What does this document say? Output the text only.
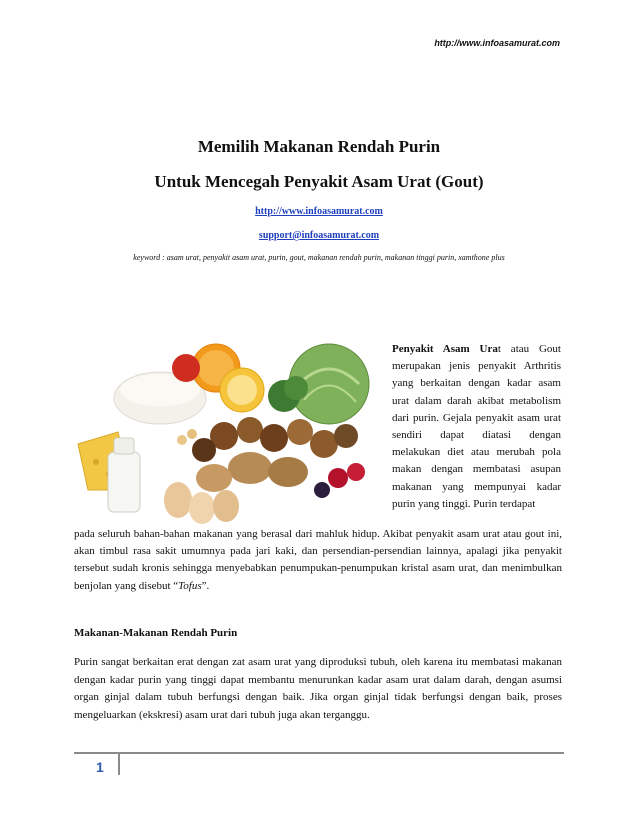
http://www.infoasamurat.com
Memilih Makanan Rendah Purin
Untuk Mencegah Penyakit Asam Urat (Gout)
http://www.infoasamurat.com
support@infoasamurat.com
keyword : asam urat, penyakit asam urat, purin, gout, makanan rendah purin, makanan tinggi purin, xamthone plus
Penyakit Asam Urat atau Gout merupakan jenis penyakit Arthritis yang berkaitan dengan kadar asam urat dalam darah akibat metabolism dari purin. Gejala penyakit asam urat sendiri dapat diatasi dengan melakukan diet atau merubah pola makan dengan membatasi asupan makanan yang mempunyai kadar purin yang tinggi. Purin terdapat
pada seluruh bahan-bahan makanan yang berasal dari mahluk hidup. Akibat penyakit asam urat atau gout ini, akan timbul rasa sakit umumnya pada jari kaki, dan persendian-persendian lainnya, apalagi jika penyakit tersebut sudah kronis sehingga menyebabkan penumpukan-penumpukan kristal asam urat, dan menimbulkan benjolan yang disebut “Tofus”.
Makanan-Makanan Rendah Purin
Purin sangat berkaitan erat dengan zat asam urat yang diproduksi tubuh, oleh karena itu membatasi makanan dengan kadar purin yang tinggi dapat membantu menurunkan kadar asam urat dalam darah, dengan asumsi organ ginjal dalam tubuh berfungsi dengan baik. Jika organ ginjal tidak berfungsi dengan baik, proses mengeluarkan (ekskresi) asam urat dari tubuh juga akan terganggu.
1
